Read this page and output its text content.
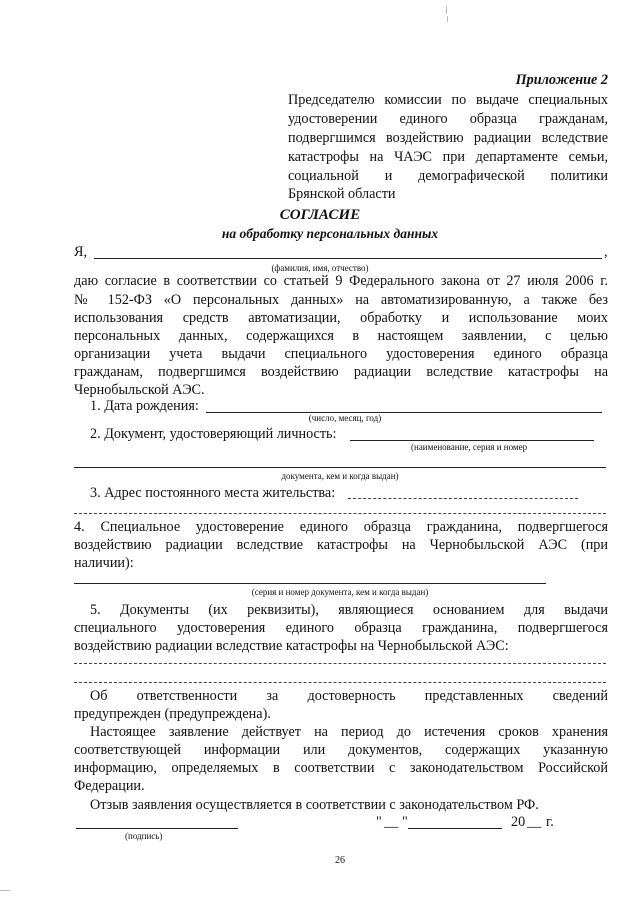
Приложение 2
Председателю комиссии по выдаче специальных
удостоверении единого образца гражданам,
подвергшимся воздействию радиации вследствие
катастрофы на ЧАЭС при департаменте семьи,
социальной и демографической политики
Брянской области
СОГЛАСИЕ
на обработку персональных данных
Я,	,
(фамилия, имя, отчество)
даю согласие в соответствии со статьей 9 Федерального закона от 27 июля 2006 г.
№ 152-ФЗ «О персональных данных» на автоматизированную, а также без
использования средств автоматизации, обработку и использование моих
персональных данных, содержащихся в настоящем заявлении, с целью
организации учета выдачи специального удостоверения единого образца
гражданам, подвергшимся воздействию радиации вследствие катастрофы на
Чернобыльской АЭС.
1. Дата рождения:
(число, месяц, год)
2. Документ, удостоверяющий личность:
(наименование, серия и номер
документа, кем и когда выдан)
3. Адрес постоянного места жительства:
4. Специальное удостоверение единого образца гражданина, подвергшегося
воздействию радиации вследствие катастрофы на Чернобыльской АЭС (при
наличии):
(серия и номер документа, кем и когда выдан)
5. Документы (их реквизиты), являющиеся основанием для выдачи
специального удостоверения единого образца гражданина, подвергшегося
воздействию радиации вследствие катастрофы на Чернобыльской АЭС:
Об ответственности за достоверность представленных сведений
предупрежден (предупреждена).
Настоящее заявление действует на период до истечения сроков хранения
соответствующей информации или документов, содержащих указанную
информацию, определяемых в соответствии с законодательством Российской
Федерации.
Отзыв заявления осуществляется в соответствии с законодательством РФ.
(подпись)
" __ "	20 __ г.
26
